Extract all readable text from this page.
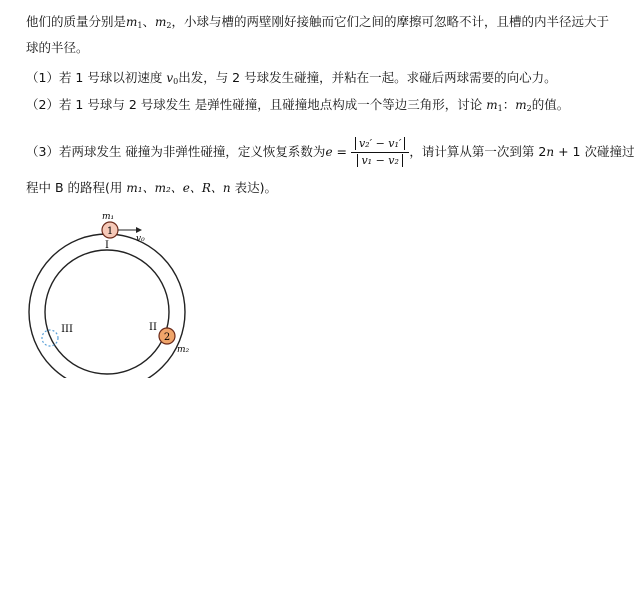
他们的质量分别是$m_1$、$m_2$，小球与槽的两壁刚好接触而它们之间的摩擦可忽略不计，且槽的内半径远大于
球的半径。
（1）若 1 号球以初速度 $v_0$出发，与 2 号球发生碰撞，并粘在一起。求碰后两球需要的向心力。
（2）若 1 号球与 2 号球发生 是弹性碰撞，且碰撞地点构成一个等边三角形，讨论 $m_1$：$m_2$的值。
（3）若两球发生 碰撞为非弹性碰撞，定义恢复系数为$e = \frac{\text{v₂′ − v₁′}}{\text{v₁ − v₂}}$ ，请计算从第一次到第 2n + 1 次碰撞过
程中 B 的路程(用 m₁、m₂、e、R、n 表达)。
1
m₁
v₀
I
2
m₂
II
III
